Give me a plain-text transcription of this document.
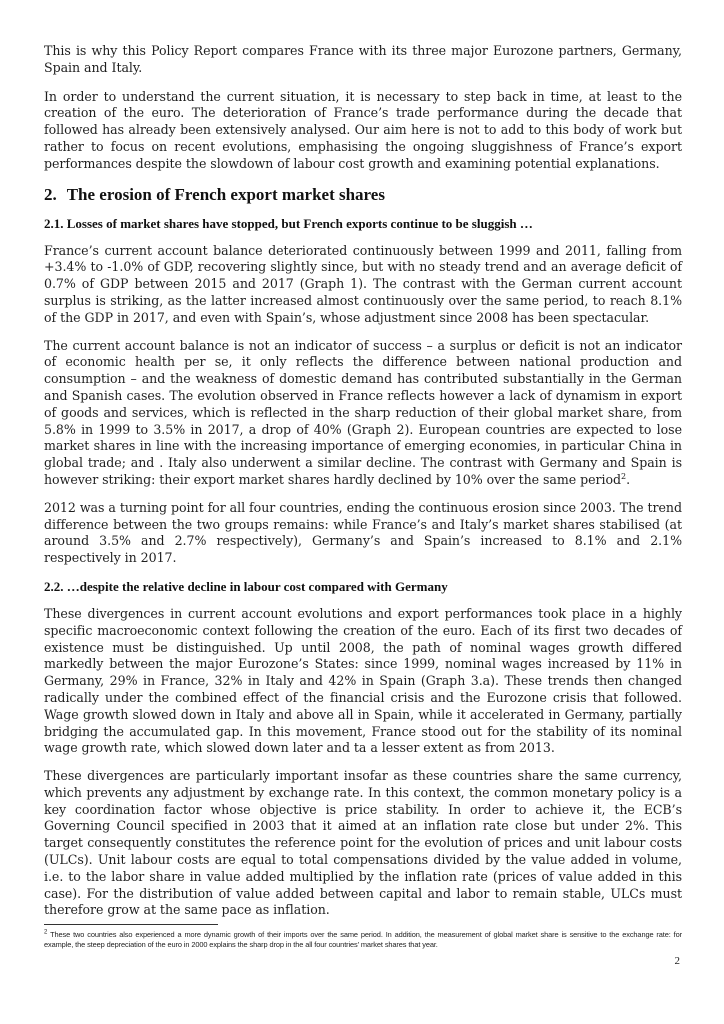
This is why this Policy Report compares France with its three major Eurozone partners, Germany, Spain and Italy.

In order to understand the current situation, it is necessary to step back in time, at least to the creation of the euro. The deterioration of France’s trade performance during the decade that followed has already been extensively analysed. Our aim here is not to add to this body of work but rather to focus on recent evolutions, emphasising the ongoing sluggishness of France’s export performances despite the slowdown of labour cost growth and examining potential explanations.

2. The erosion of French export market shares
2.1. Losses of market shares have stopped, but French exports continue to be sluggish …

France’s current account balance deteriorated continuously between 1999 and 2011, falling from +3.4% to -1.0% of GDP, recovering slightly since, but with no steady trend and an average deficit of 0.7% of GDP between 2015 and 2017 (Graph 1). The contrast with the German current account surplus is striking, as the latter increased almost continuously over the same period, to reach 8.1% of the GDP in 2017, and even with Spain’s, whose adjustment since 2008 has been spectacular.

The current account balance is not an indicator of success – a surplus or deficit is not an indicator of economic health per se, it only reflects the difference between national production and consumption – and the weakness of domestic demand has contributed substantially in the German and Spanish cases. The evolution observed in France reflects however a lack of dynamism in export of goods and services, which is reflected in the sharp reduction of their global market share, from 5.8% in 1999 to 3.5% in 2017, a drop of 40% (Graph 2). European countries are expected to lose market shares in line with the increasing importance of emerging economies, in particular China in global trade; and . Italy also underwent a similar decline. The contrast with Germany and Spain is however striking: their export market shares hardly declined by 10% over the same period$^2$.

2012 was a turning point for all four countries, ending the continuous erosion since 2003. The trend difference between the two groups remains: while France’s and Italy’s market shares stabilised (at around 3.5% and 2.7% respectively), Germany’s and Spain’s increased to 8.1% and 2.1% respectively in 2017.

2.2. …despite the relative decline in labour cost compared with Germany

These divergences in current account evolutions and export performances took place in a highly specific macroeconomic context following the creation of the euro. Each of its first two decades of existence must be distinguished. Up until 2008, the path of nominal wages growth differed markedly between the major Eurozone’s States: since 1999, nominal wages increased by 11% in Germany, 29% in France, 32% in Italy and 42% in Spain (Graph 3.a). These trends then changed radically under the combined effect of the financial crisis and the Eurozone crisis that followed. Wage growth slowed down in Italy and above all in Spain, while it accelerated in Germany, partially bridging the accumulated gap. In this movement, France stood out for the stability of its nominal wage growth rate, which slowed down later and ta a lesser extent as from 2013.

These divergences are particularly important insofar as these countries share the same currency, which prevents any adjustment by exchange rate. In this context, the common monetary policy is a key coordination factor whose objective is price stability. In order to achieve it, the ECB’s Governing Council specified in 2003 that it aimed at an inflation rate close but under 2%. This target consequently constitutes the reference point for the evolution of prices and unit labour costs (ULCs). Unit labour costs are equal to total compensations divided by the value added in volume, i.e. to the labor share in value added multiplied by the inflation rate (prices of value added in this case). For the distribution of value added between capital and labor to remain stable, ULCs must therefore grow at the same pace as inflation.

$^2$ These two countries also experienced a more dynamic growth of their imports over the same period. In addition, the measurement of global market share is sensitive to the exchange rate: for example, the steep depreciation of the euro in 2000 explains the sharp drop in the all four countries’ market shares that year.
2
